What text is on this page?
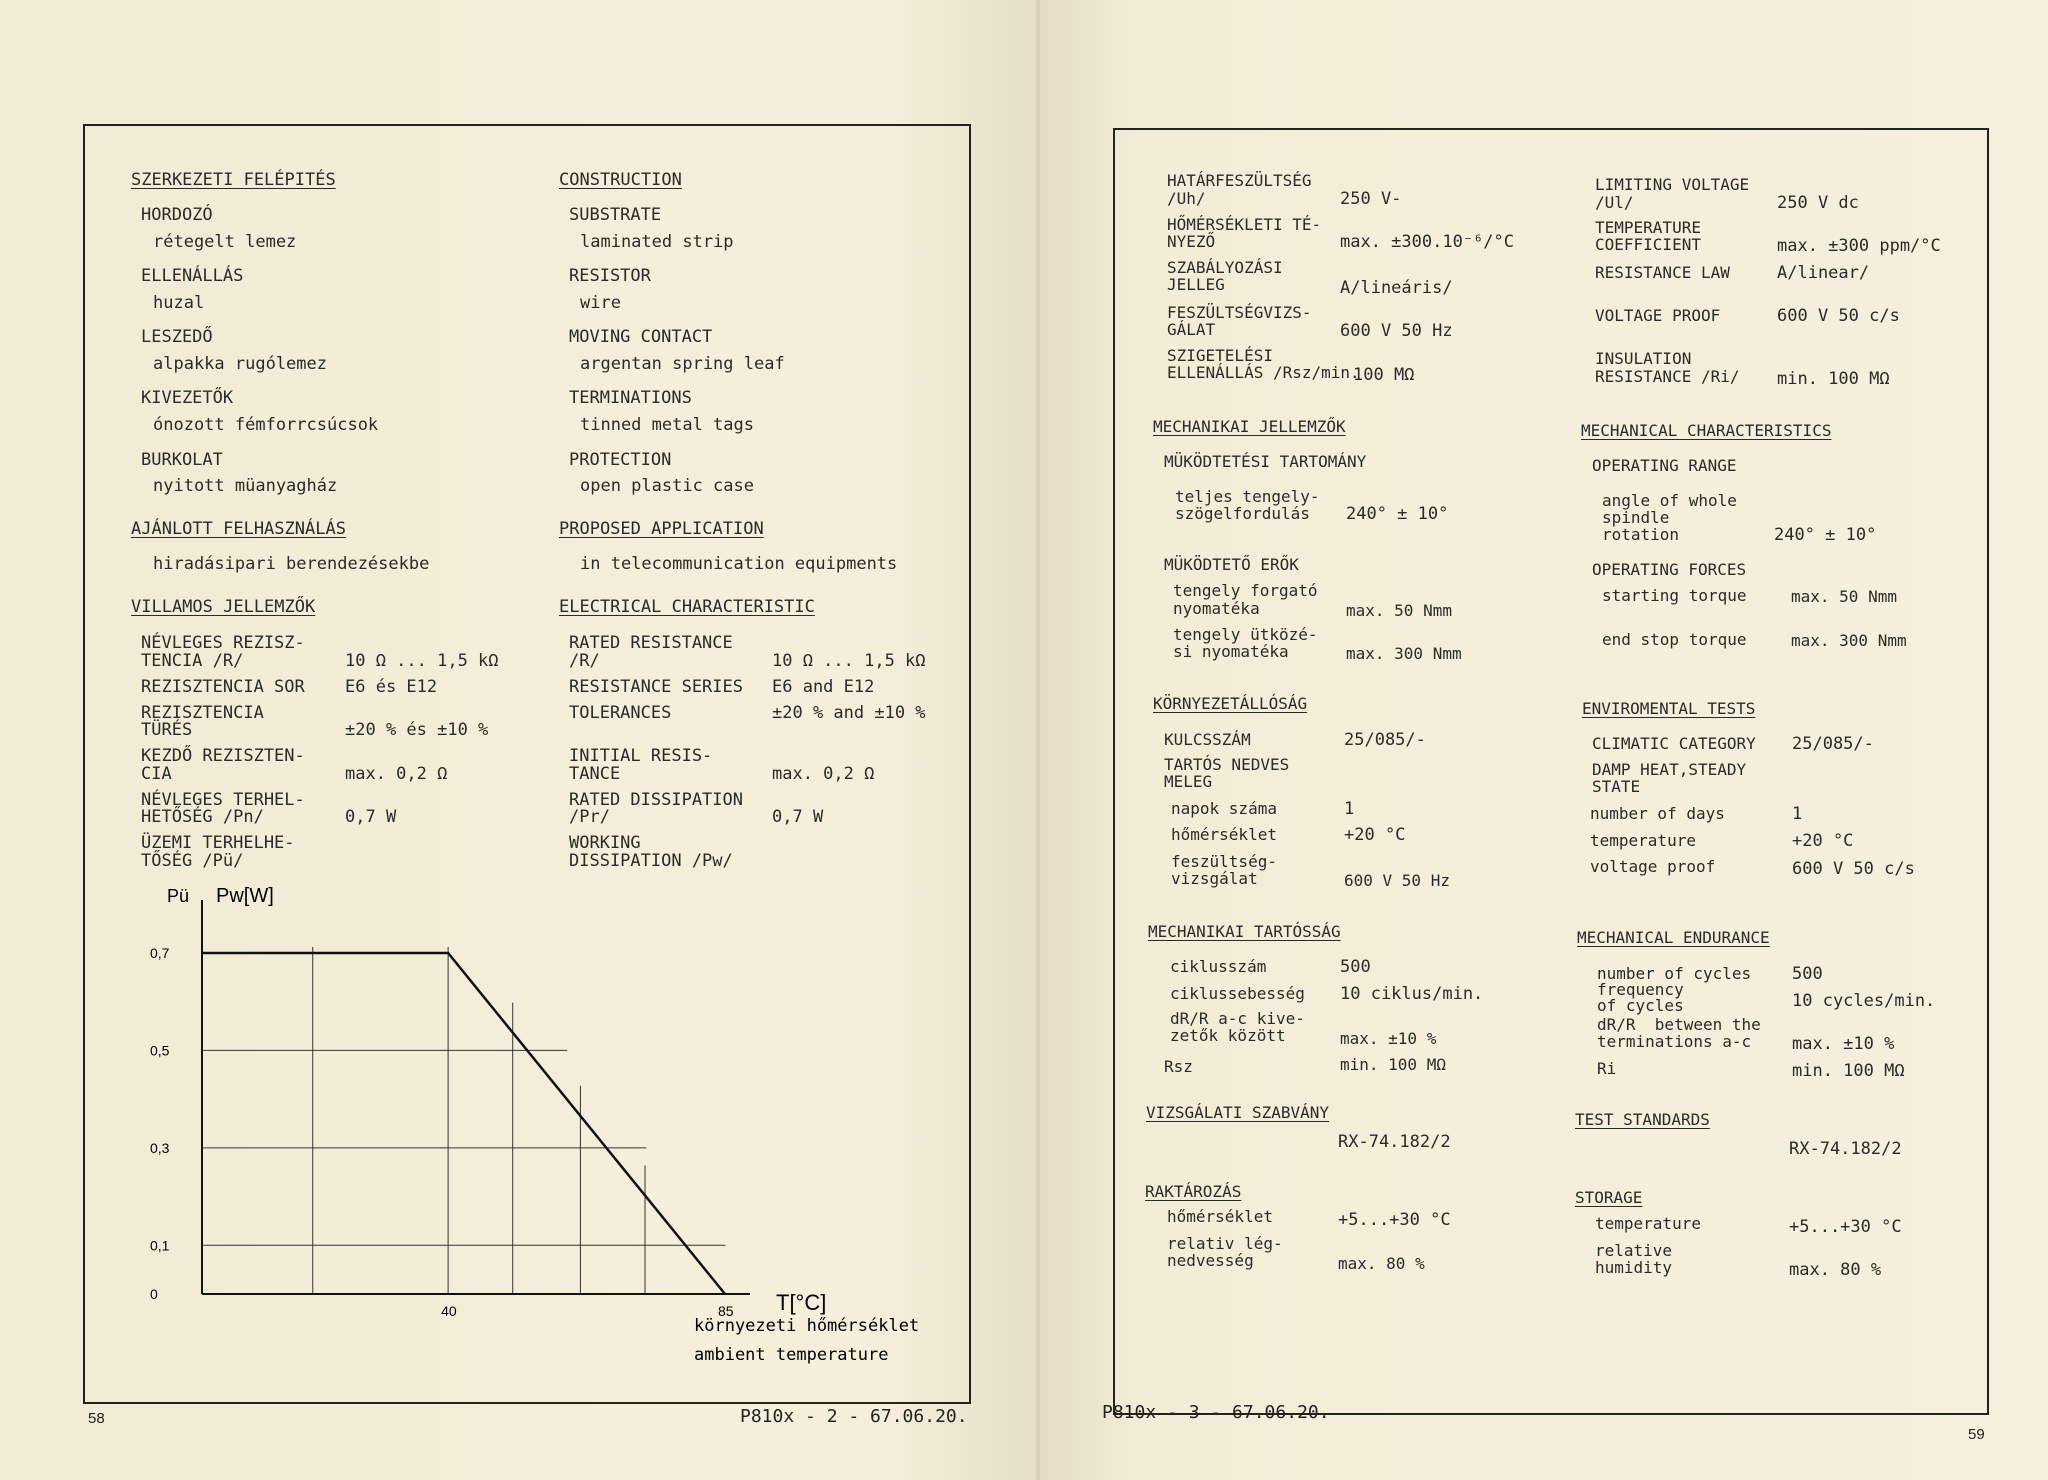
SZERKEZETI FELÉPITÉS
HORDOZÓ
rétegelt lemez
ELLENÁLLÁS
huzal
LESZEDŐ
alpakka rugólemez
KIVEZETŐK
ónozott fémforrcsúcsok
BURKOLAT
nyitott müanyagház
AJÁNLOTT FELHASZNÁLÁS
hiradásipari berendezésekbe
VILLAMOS JELLEMZŐK
NÉVLEGES REZISZ-
TENCIA /R/	10 Ω ... 1,5 kΩ
REZISZTENCIA SOR E6 és E12
REZISZTENCIA
TÜRÉS	±20 % és ±10 %
KEZDŐ REZISZTEN-
CIA	max. 0,2 Ω
NÉVLEGES TERHEL-
HETŐSÉG /Pn/	0,7 W
ÜZEMI TERHELHE-
TŐSÉG /Pü/
CONSTRUCTION
SUBSTRATE
laminated strip
RESISTOR
wire
MOVING CONTACT
argentan spring leaf
TERMINATIONS
tinned metal tags
PROTECTION
open plastic case
PROPOSED APPLICATION
in telecommunication equipments
ELECTRICAL CHARACTERISTIC
RATED RESISTANCE
/R/	10 Ω ... 1,5 kΩ
RESISTANCE SERIES E6 and E12
TOLERANCES	±20 % and ±10 %
INITIAL RESIS-
TANCE	max. 0,2 Ω
RATED DISSIPATION
/Pr/	0,7 W
WORKING
DISSIPATION /Pw/
0,7
0,5
0,3
0,1
0
40	85
Pü Pw[W]
T[°C]
környezeti hőmérséklet
ambient temperature
58	P810x - 2 - 67.06.20.
HATÁRFESZÜLTSÉG
/Uh/	250 V-
HŐMÉRSÉKLETI TÉ-
NYEZŐ	max. ±300.10⁻⁶/°C
SZABÁLYOZÁSI
JELLEG	A/lineáris/
FESZÜLTSÉGVIZS-
GÁLAT	600 V 50 Hz
SZIGETELÉSI
ELLENÁLLÁS /Rsz/min.
100 MΩ
MECHANIKAI JELLEMZŐK
MÜKÖDTETÉSI TARTOMÁNY
teljes tengely-
szögelfordulás 240° ± 10°
MÜKÖDTETŐ ERŐK
tengely forgató
nyomatéka	max. 50 Nmm
tengely ütközé-
si nyomatéka	max. 300 Nmm
KÖRNYEZETÁLLÓSÁG
KULCSSZÁM	25/085/-
TARTÓS NEDVES
MELEG
napok száma	1
hőmérséklet	+20 °C
feszültség-
vizsgálat	600 V 50 Hz
MECHANIKAI TARTÓSSÁG
ciklusszám	500
ciklussebesség 10 ciklus/min.
dR/R a-c kive-
zetők között	max. ±10 %
Rsz	min. 100 MΩ
VIZSGÁLATI SZABVÁNY
RX-74.182/2
RAKTÁROZÁS
hőmérséklet	+5...+30 °C
relativ lég-
nedvesség	max. 80 %
LIMITING VOLTAGE
/Ul/	250 V dc
TEMPERATURE
COEFFICIENT	max. ±300 ppm/°C
RESISTANCE LAW	A/linear/
VOLTAGE PROOF	600 V 50 c/s
INSULATION
RESISTANCE /Ri/ min. 100 MΩ
MECHANICAL CHARACTERISTICS
OPERATING RANGE
angle of whole
spindle
rotation	240° ± 10°
OPERATING FORCES
starting torque	max. 50 Nmm
end stop torque	max. 300 Nmm
ENVIROMENTAL TESTS
CLIMATIC CATEGORY 25/085/-
DAMP HEAT,STEADY
STATE
number of days	1
temperature	+20 °C
voltage proof	600 V 50 c/s
MECHANICAL ENDURANCE
number of cycles 500
frequency
of cycles	10 cycles/min.
dR/R  between the
terminations a-c max. ±10 %
Ri	min. 100 MΩ
TEST STANDARDS
RX-74.182/2
STORAGE
temperature	+5...+30 °C
relative
humidity	max. 80 %
P810x - 3 - 67.06.20.
59
